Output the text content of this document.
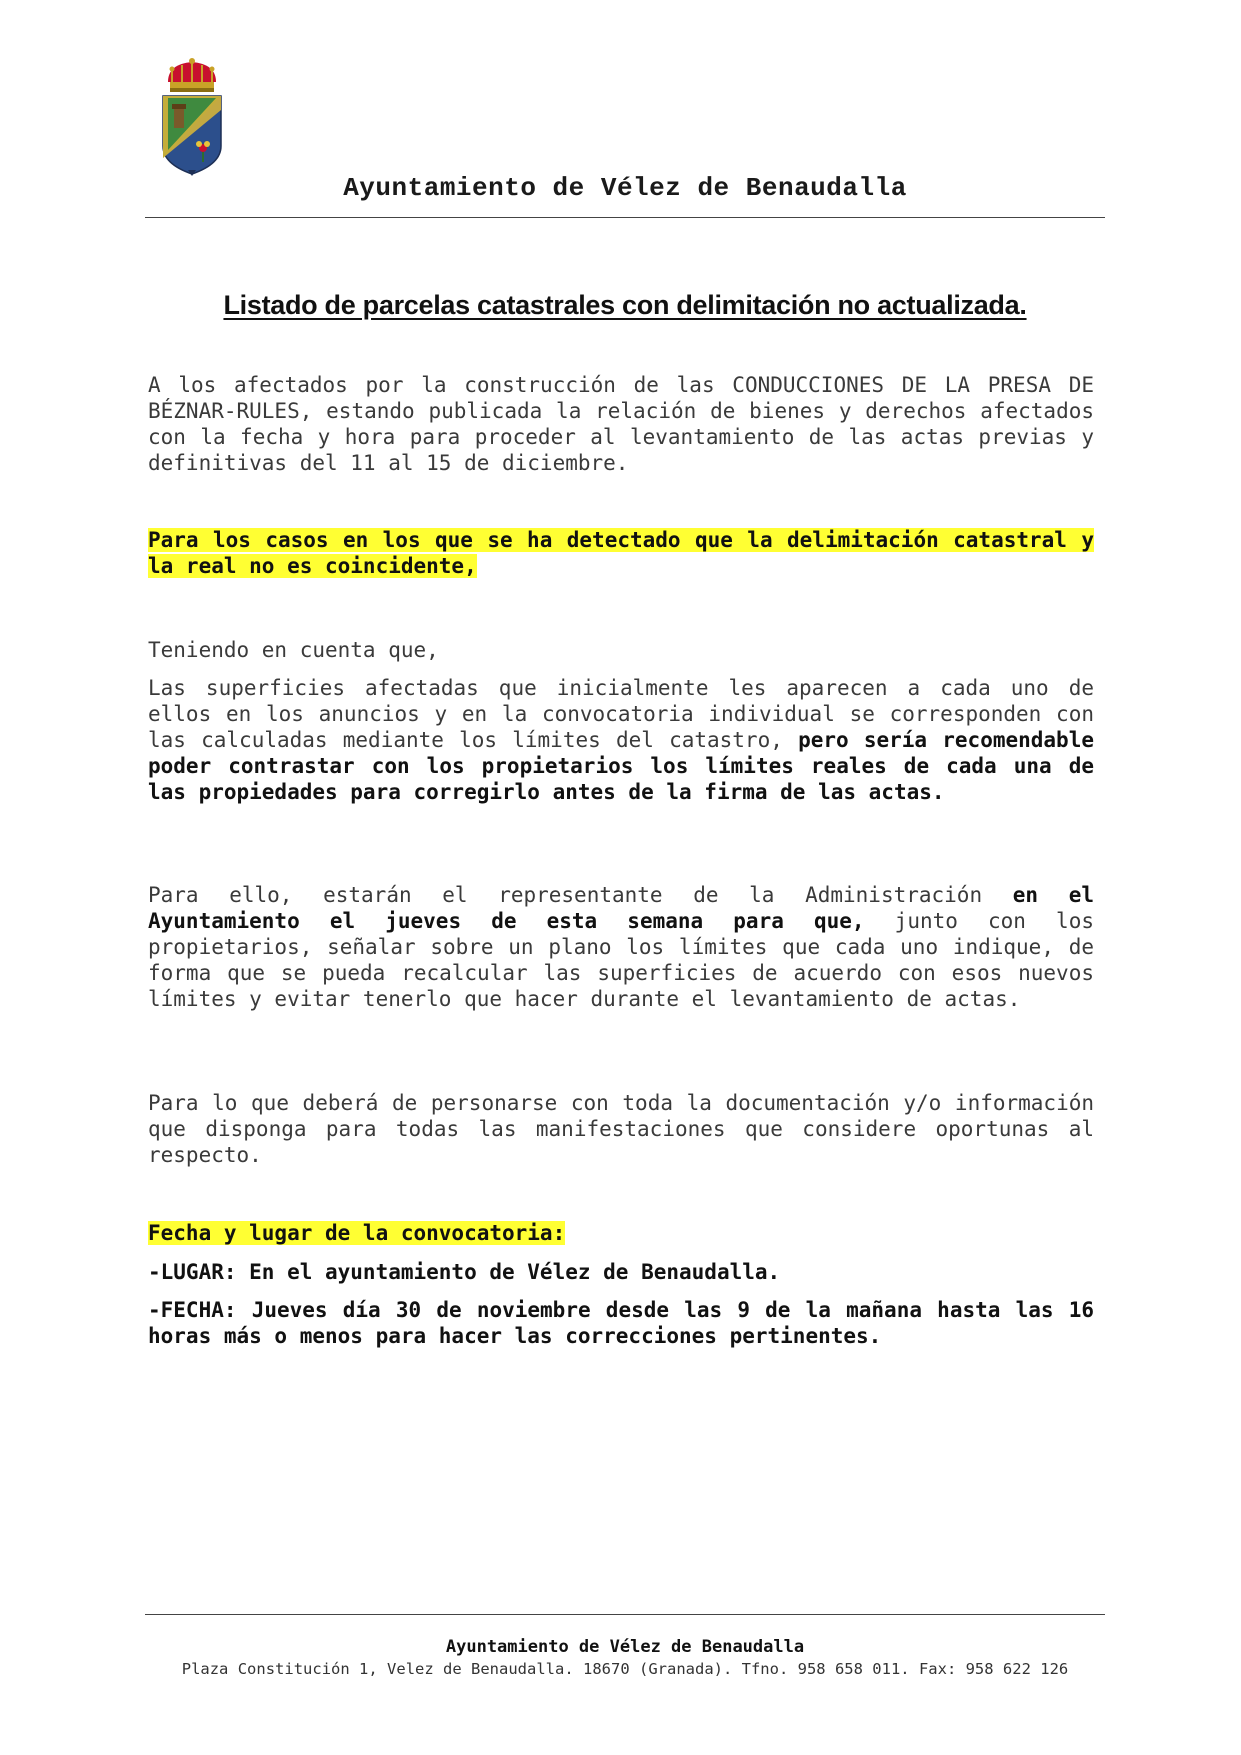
Ayuntamiento de Vélez de Benaudalla
Listado de parcelas catastrales con delimitación no actualizada.

A los afectados por la construcción de las CONDUCCIONES DE LA PRESA DE BÉZNAR-RULES, estando publicada la relación de bienes y derechos afectados con la fecha y hora para proceder al levantamiento de las actas previas y definitivas del 11 al 15 de diciembre.

Para los casos en los que se ha detectado que la delimitación catastral y la real no es coincidente,

Teniendo en cuenta que,

Las superficies afectadas que inicialmente les aparecen a cada uno de ellos en los anuncios y en la convocatoria individual se corresponden con las calculadas mediante los límites del catastro, pero sería recomendable poder contrastar con los propietarios los límites reales de cada una de las propiedades para corregirlo antes de la firma de las actas.

Para ello, estarán el representante de la Administración en el Ayuntamiento el jueves de esta semana para que, junto con los propietarios, señalar sobre un plano los límites que cada uno indique, de forma que se pueda recalcular las superficies de acuerdo con esos nuevos límites y evitar tenerlo que hacer durante el levantamiento de actas.

Para lo que deberá de personarse con toda la documentación y/o información que disponga para todas las manifestaciones que considere oportunas al respecto.

Fecha y lugar de la convocatoria:

-LUGAR: En el ayuntamiento de Vélez de Benaudalla.

-FECHA: Jueves día 30 de noviembre desde las 9 de la mañana hasta las 16 horas más o menos para hacer las correcciones pertinentes.

Ayuntamiento de Vélez de Benaudalla
Plaza Constitución 1, Velez de Benaudalla. 18670 (Granada). Tfno. 958 658 011. Fax: 958 622 126
